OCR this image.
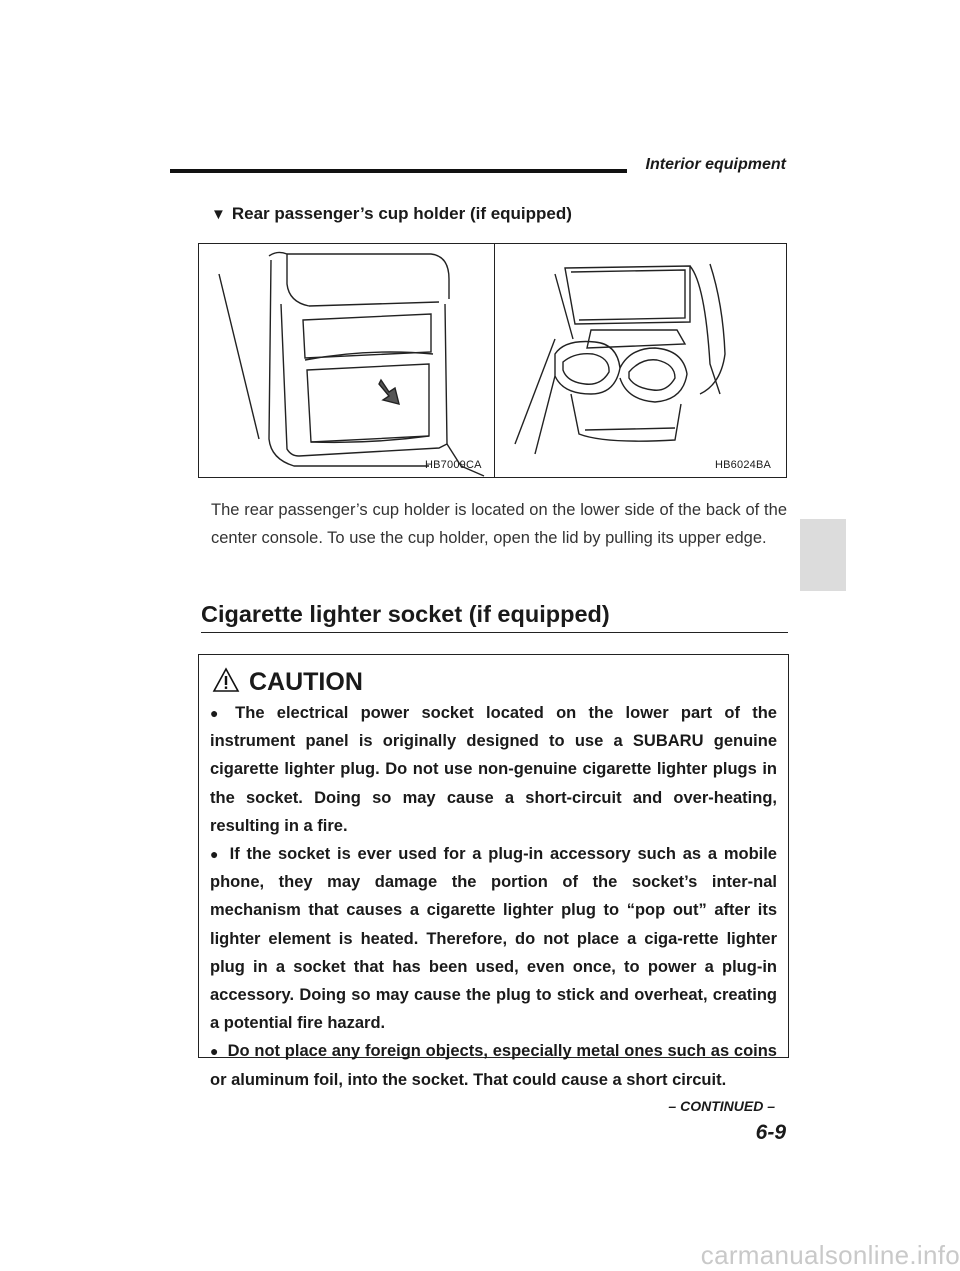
Interior equipment
▼ Rear passenger’s cup holder (if equipped)
HB7009CA	HB6024BA
The rear passenger’s cup holder is located on the lower side of the back of the center console. To use the cup holder, open the lid by pulling its upper edge.
Cigarette lighter socket (if equipped)
CAUTION
● The electrical power socket located on the lower part of the instrument panel is originally designed to use a SUBARU genuine cigarette lighter plug. Do not use non-genuine cigarette lighter plugs in the socket. Doing so may cause a short-circuit and over-heating, resulting in a fire.
● If the socket is ever used for a plug-in accessory such as a mobile phone, they may damage the portion of the socket’s inter-nal mechanism that causes a cigarette lighter plug to “pop out” after its lighter element is heated. Therefore, do not place a ciga-rette lighter plug in a socket that has been used, even once, to power a plug-in accessory. Doing so may cause the plug to stick and overheat, creating a potential fire hazard.
● Do not place any foreign objects, especially metal ones such as coins or aluminum foil, into the socket. That could cause a short circuit.
– CONTINUED –
6-9
carmanualsonline.info
